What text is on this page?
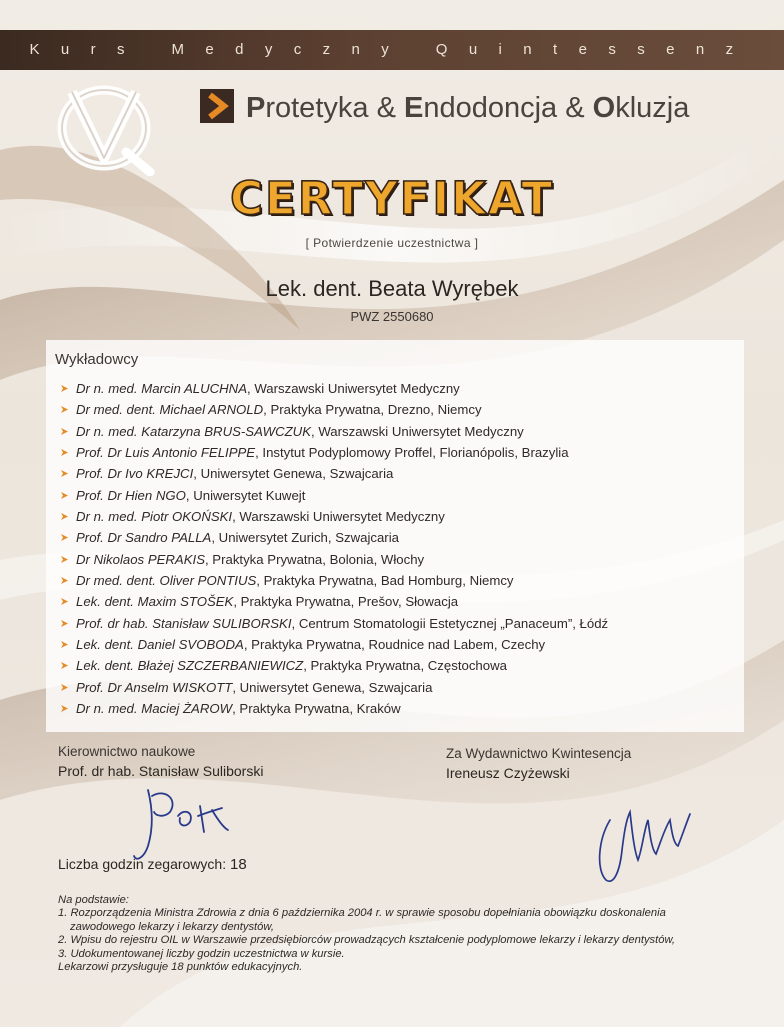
Kurs Medyczny Quintessenz
Protetyka & Endodoncja & Okluzja
CERTYFIKAT
[ Potwierdzenie uczestnictwa ]
Lek. dent. Beata Wyrębek
PWZ 2550680
Wykładowcy
Dr n. med. Marcin ALUCHNA, Warszawski Uniwersytet Medyczny
Dr med. dent. Michael ARNOLD, Praktyka Prywatna, Drezno, Niemcy
Dr n. med. Katarzyna BRUS-SAWCZUK, Warszawski Uniwersytet Medyczny
Prof. Dr Luis Antonio FELIPPE, Instytut Podyplomowy Proffel, Florianópolis, Brazylia
Prof. Dr Ivo KREJCI, Uniwersytet Genewa, Szwajcaria
Prof. Dr Hien NGO, Uniwersytet Kuwejt
Dr n. med. Piotr OKOŃSKI, Warszawski Uniwersytet Medyczny
Prof. Dr Sandro PALLA, Uniwersytet Zurich, Szwajcaria
Dr Nikolaos PERAKIS, Praktyka Prywatna, Bolonia, Włochy
Dr med. dent. Oliver PONTIUS, Praktyka Prywatna, Bad Homburg, Niemcy
Lek. dent. Maxim STOŠEK, Praktyka Prywatna, Prešov, Słowacja
Prof. dr hab. Stanisław SULIBORSKI, Centrum Stomatologii Estetycznej „Panaceum”, Łódź
Lek. dent. Daniel SVOBODA, Praktyka Prywatna, Roudnice nad Labem, Czechy
Lek. dent. Błażej SZCZERBANIEWICZ, Praktyka Prywatna, Częstochowa
Prof. Dr Anselm WISKOTT, Uniwersytet Genewa, Szwajcaria
Dr n. med. Maciej ŻAROW, Praktyka Prywatna, Kraków
Kierownictwo naukowe
Prof. dr hab. Stanisław Suliborski
Za Wydawnictwo Kwintesencja
Ireneusz Czyżewski
Liczba godzin zegarowych: 18

Na podstawie:

1. Rozporządzenia Ministra Zdrowia z dnia 6 października 2004 r. w sprawie sposobu dopełniania obowiązku doskonalenia

zawodowego lekarzy i lekarzy dentystów,

2. Wpisu do rejestru OIL w Warszawie przedsiębiorców prowadzących kształcenie podyplomowe lekarzy i lekarzy dentystów,

3. Udokumentowanej liczby godzin uczestnictwa w kursie.

Lekarzowi przysługuje 18 punktów edukacyjnych.
